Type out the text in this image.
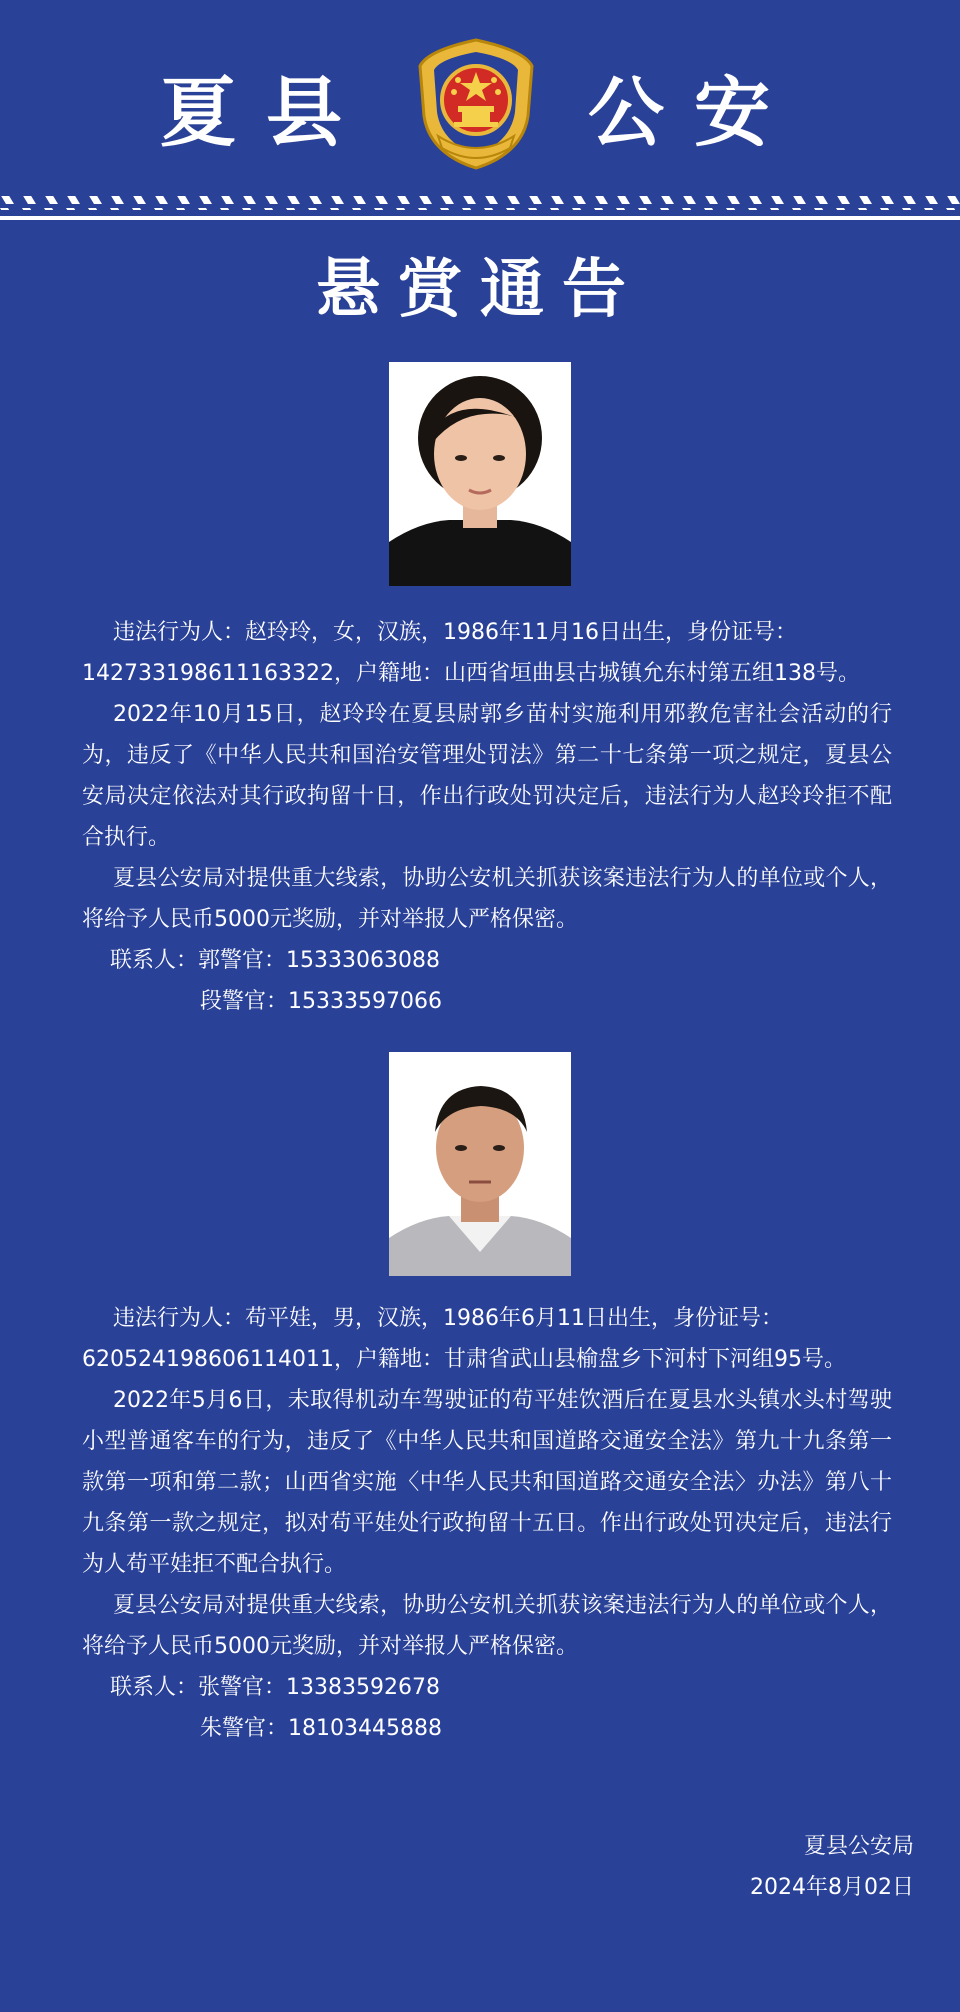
夏县	公安
悬赏通告

违法行为人：赵玲玲，女，汉族，1986年11月16日出生，身份证号：

142733198611163322，户籍地：山西省垣曲县古城镇允东村第五组138号。

2022年10月15日，赵玲玲在夏县尉郭乡苗村实施利用邪教危害社会活动的行为，违反了《中华人民共和国治安管理处罚法》第二十七条第一项之规定，夏县公安局决定依法对其行政拘留十日，作出行政处罚决定后，违法行为人赵玲玲拒不配合执行。

夏县公安局对提供重大线索，协助公安机关抓获该案违法行为人的单位或个人，将给予人民币5000元奖励，并对举报人严格保密。

联系人：郭警官：15333063088

段警官：15333597066

违法行为人：苟平娃，男，汉族，1986年6月11日出生，身份证号：

620524198606114011，户籍地：甘肃省武山县榆盘乡下河村下河组95号。

2022年5月6日，未取得机动车驾驶证的苟平娃饮酒后在夏县水头镇水头村驾驶小型普通客车的行为，违反了《中华人民共和国道路交通安全法》第九十九条第一款第一项和第二款；山西省实施〈中华人民共和国道路交通安全法〉办法》第八十九条第一款之规定，拟对苟平娃处行政拘留十五日。作出行政处罚决定后，违法行为人苟平娃拒不配合执行。

夏县公安局对提供重大线索，协助公安机关抓获该案违法行为人的单位或个人，将给予人民币5000元奖励，并对举报人严格保密。

联系人：张警官：13383592678

朱警官：18103445888

夏县公安局
2024年8月02日
